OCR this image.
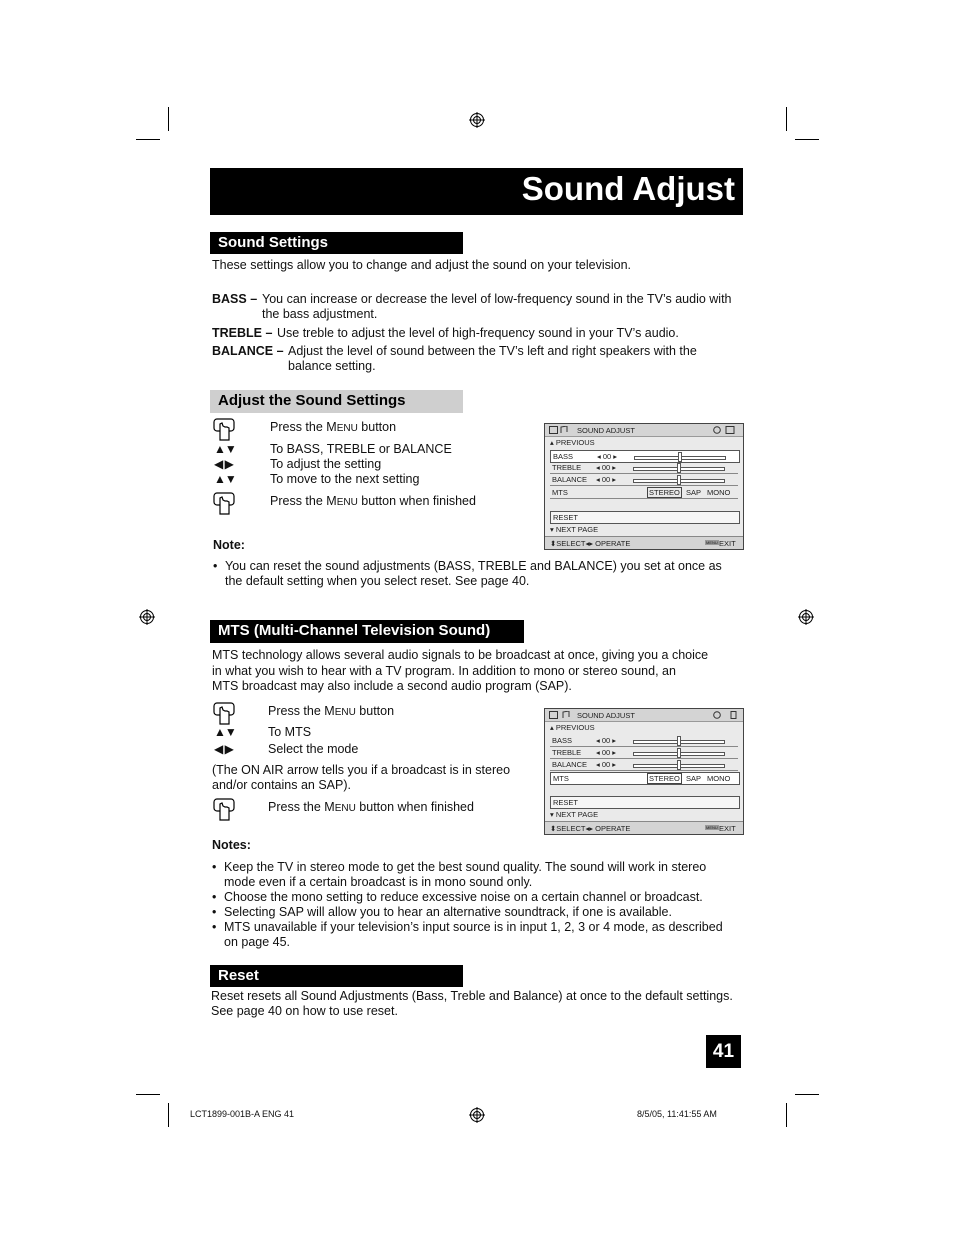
Sound Adjust
Sound Settings
These settings allow you to change and adjust the sound on your television.
BASS – You can increase or decrease the level of low-frequency sound in the TV’s audio with
the bass adjustment.
TREBLE – Use treble to adjust the level of high-frequency sound in your TV’s audio.
BALANCE – Adjust the level of sound between the TV’s left and right speakers with the
balance setting.
Adjust the Sound Settings
Press the MENU button
▲▼	To BASS, TREBLE or BALANCE
◀ ▶	To adjust the setting
▲▼	To move to the next setting
Press the MENU button when finished
SOUND ADJUST
▴ PREVIOUS
BASS	◂ 00 ▸
TREBLE ◂ 00 ▸
BALANCE ◂ 00 ▸
MTS	STEREO SAP MONO
RESET
▾ NEXT PAGE
⬍SELECT◂▸ OPERATE	MENU EXIT
Note:
• You can reset the sound adjustments (BASS, TREBLE and BALANCE) you set at once as
the default setting when you select reset. See page 40.
MTS (Multi-Channel Television Sound)
MTS technology allows several audio signals to be broadcast at once, giving you a choice
in what you wish to hear with a TV program. In addition to mono or stereo sound, an
MTS broadcast may also include a second audio program (SAP).
Press the MENU button
▲▼	To MTS
◀ ▶	Select the mode
(The ON AIR arrow tells you if a broadcast is in stereo
and/or contains an SAP).
Press the MENU button when finished
SOUND ADJUST
▴ PREVIOUS
BASS	◂ 00 ▸
TREBLE ◂ 00 ▸
BALANCE ◂ 00 ▸
MTS	STEREO SAP MONO
RESET
▾ NEXT PAGE
⬍SELECT◂▸ OPERATE	MENU EXIT
Notes:
• Keep the TV in stereo mode to get the best sound quality. The sound will work in stereo
mode even if a certain broadcast is in mono sound only.
• Choose the mono setting to reduce excessive noise on a certain channel or broadcast.
• Selecting SAP will allow you to hear an alternative soundtrack, if one is available.
• MTS unavailable if your television’s input source is in input 1, 2, 3 or 4 mode, as described
on page 45.
Reset
Reset resets all Sound Adjustments (Bass, Treble and Balance) at once to the default settings.
See page 40 on how to use reset.
41
LCT1899-001B-A ENG 41	8/5/05, 11:41:55 AM
